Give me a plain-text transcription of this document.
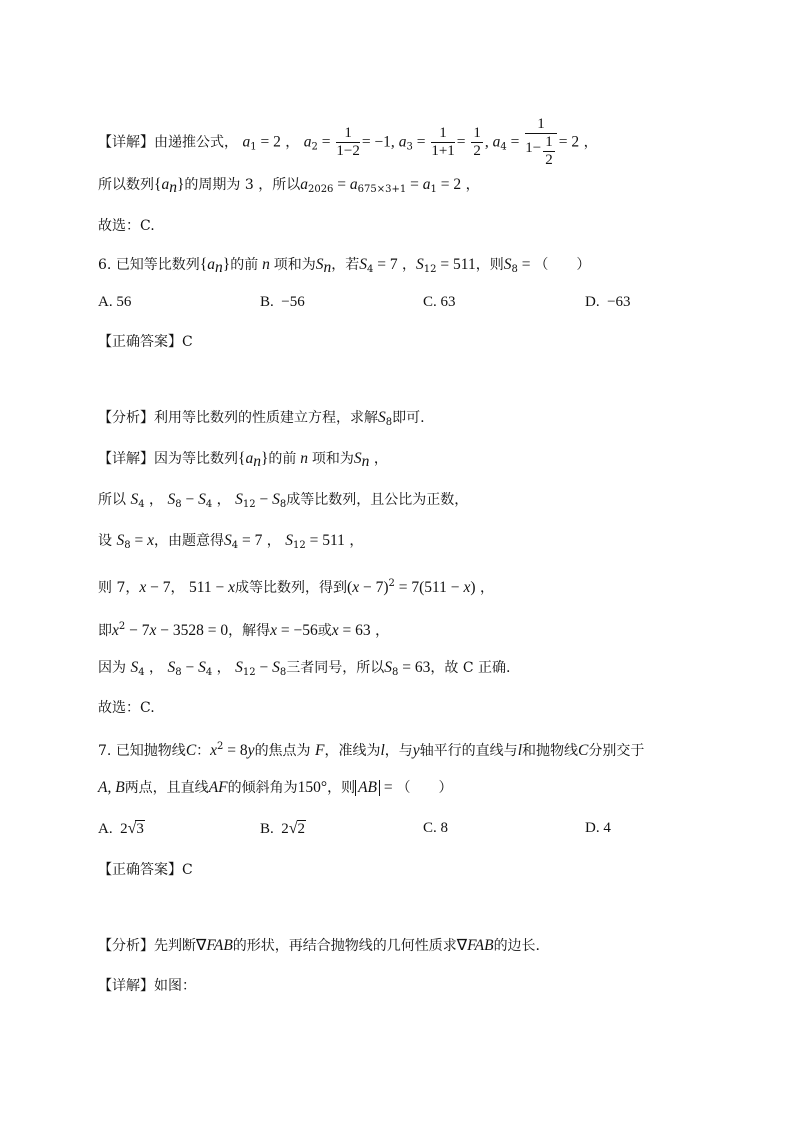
【详解】由递推公式， $a_1 = 2$ ， $a_2 = \frac{1}{1-2} = -1$, $a_3 = \frac{1}{1+1} = \frac{1}{2}$ , $a_4 = \frac{1}{1- \frac{1}{2}} = 2$ ，
所以数列$\{a_n\}$的周期为 3 ，所以$a_{2026} = a_{675\times 3+1} = a_1 = 2$ ，
故选：C.
6. 已知等比数列$\{a_n\}$的前 n 项和为$S_n$，若$S_4 = 7$ ，$S_{12} = 511$，则$S_8$ = （　　）
A. 56	B. −56	C. 63	D. −63
【正确答案】C
【分析】利用等比数列的性质建立方程，求解$S_8$即可.
【详解】因为等比数列$\{a_n\}$的前 n 项和为$S_n$ ，
所以 $S_4$ ， $S_8 - S_4$ ， $S_{12} - S_8$成等比数列，且公比为正数，
设 $S_8 = x$，由题意得$S_4 = 7$ ， $S_{12} = 511$ ，
则 7，x − 7， 511 − x成等比数列，得到$(x - 7)^2 = 7(511 - x)$ ，
即$x^2 - 7x - 3528 = 0$，解得x = −56或x = 63 ，
因为 $S_4$ ， $S_8 - S_4$ ， $S_{12} - S_8$三者同号，所以$S_8 = 63$，故 C 正确.
故选：C.
7. 已知抛物线C：$x^2 = 8y$的焦点为 F，准线为l，与y轴平行的直线与l和抛物线C分别交于
A, B两点，且直线AF的倾斜角为150°，则 AB = （　　）
A.  2√3	B.  2√2	C. 8	D. 4
【正确答案】C
【分析】先判断∇FAB的形状，再结合抛物线的几何性质求∇FAB的边长.
【详解】如图：
